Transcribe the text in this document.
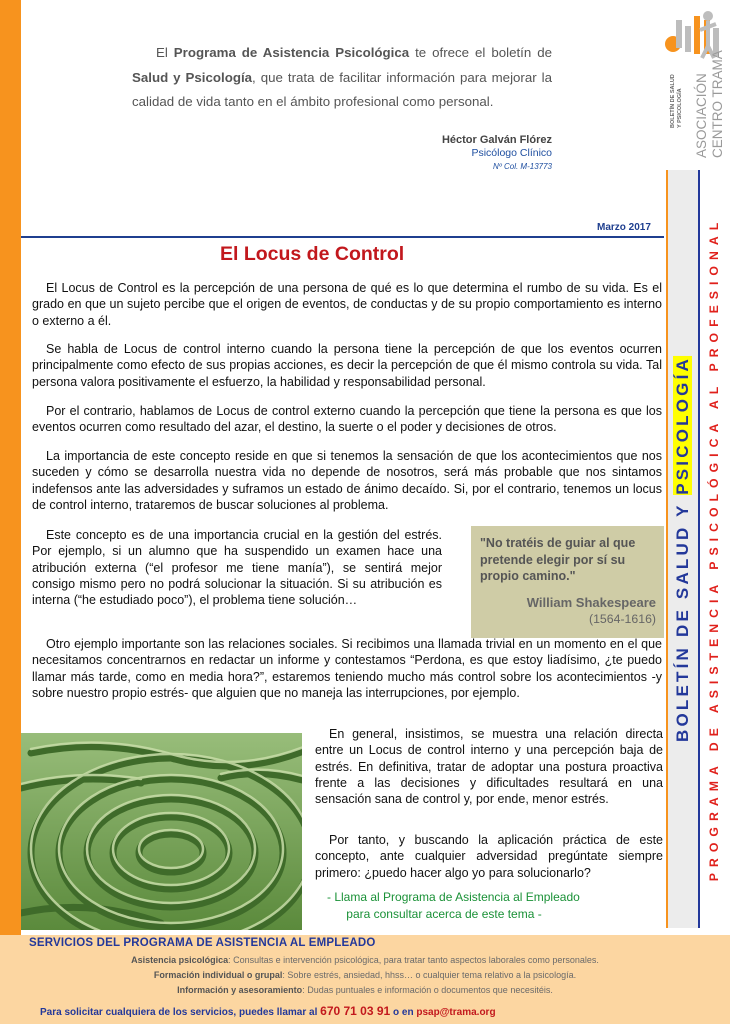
El Programa de Asistencia Psicológica te ofrece el boletín de Salud y Psicología, que trata de facilitar información para mejorar la calidad de vida tanto en el ámbito profesional como personal.

Héctor Galván Flórez
Psicólogo Clínico
Nº Col. M-13773
BOLETÍN DE SALUD Y PSICOLOGÍA ASOCIACIÓN CENTRO TRAMA
BOLETÍN DE SALUD Y PSICOLOGÍA PROGRAMA DE ASISTENCIA PSICOLÓGICA AL PROFESIONAL
Marzo 2017
El Locus de Control

El Locus de Control es la percepción de una persona de qué es lo que determina el rumbo de su vida. Es el grado en que un sujeto percibe que el origen de eventos, de conductas y de su propio comportamiento es interno o externo a él.

Se habla de Locus de control interno cuando la persona tiene la percepción de que los eventos ocurren principalmente como efecto de sus propias acciones, es decir la percepción de que él mismo controla su vida. Tal persona valora positivamente el esfuerzo, la habilidad y responsabilidad personal.

Por el contrario, hablamos de Locus de control externo cuando la percepción que tiene la persona es que los eventos ocurren como resultado del azar, el destino, la suerte o el poder y decisiones de otros.

La importancia de este concepto reside en que si tenemos la sensación de que los acontecimientos que nos suceden y cómo se desarrolla nuestra vida no depende de nosotros, será más probable que nos sintamos indefensos ante las adversidades y suframos un estado de ánimo decaído. Si, por el contrario, tenemos un locus de control interno, trataremos de buscar soluciones al problema.

Este concepto es de una importancia crucial en la gestión del estrés. Por ejemplo, si un alumno que ha suspendido un examen hace una atribución externa (“el profesor me tiene manía”), se sentirá mejor consigo mismo pero no podrá solucionar la situación. Si su atribución es interna (“he estudiado poco”), el problema tiene solución…

"No tratéis de guiar al que pretende elegir por sí su propio camino."

William Shakespeare
(1564-1616)

Otro ejemplo importante son las relaciones sociales. Si recibimos una llamada trivial en un momento en el que necesitamos concentrarnos en redactar un informe y contestamos “Perdona, es que estoy liadísimo, ¿te puedo llamar más tarde, como en media hora?”, estaremos teniendo mucho más control sobre los acontecimientos -y sobre nuestro propio estrés- que alguien que no maneja las interrupciones, por ejemplo.

En general, insistimos, se muestra una relación directa entre un Locus de control interno y una percepción baja de estrés. En definitiva, tratar de adoptar una postura proactiva frente a las decisiones y dificultades resultará en una sensación sana de control y, por ende, menor estrés.

Por tanto, y buscando la aplicación práctica de este concepto, ante cualquier adversidad pregúntate siempre primero: ¿puedo hacer algo yo para solucionarlo?

- Llama al Programa de Asistencia al Empleado
para consultar acerca de este tema -

SERVICIOS DEL PROGRAMA DE ASISTENCIA AL EMPLEADO
Asistencia psicológica: Consultas e intervención psicológica, para tratar tanto aspectos laborales como personales.
Formación individual o grupal: Sobre estrés, ansiedad, hhss… o cualquier tema relativo a la psicología.
Información y asesoramiento: Dudas puntuales e información o documentos que necesitéis.
Para solicitar cualquiera de los servicios, puedes llamar al 670 71 03 91 o en psap@trama.org
